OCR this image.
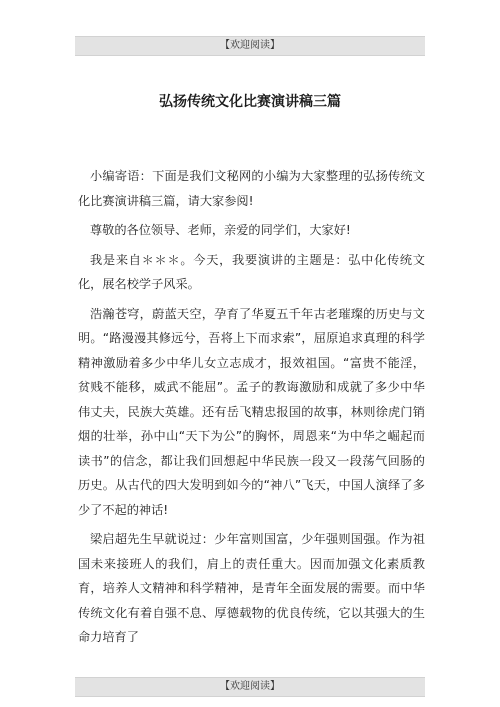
【欢迎阅读】
弘扬传统文化比赛演讲稿三篇

小编寄语：下面是我们文秘网的小编为大家整理的弘扬传统文化比赛演讲稿三篇，请大家参阅!

尊敬的各位领导、老师，亲爱的同学们，大家好!

我是来自＊＊＊。今天，我要演讲的主题是：弘中化传统文化，展名校学子风采。

浩瀚苍穹，蔚蓝天空，孕育了华夏五千年古老璀璨的历史与文明。“路漫漫其修远兮，吾将上下而求索”，屈原追求真理的科学精神激励着多少中华儿女立志成才，报效祖国。“富贵不能淫，贫贱不能移，威武不能屈”。孟子的教诲激励和成就了多少中华伟丈夫，民族大英雄。还有岳飞精忠报国的故事，林则徐虎门销烟的壮举，孙中山“天下为公”的胸怀，周恩来“为中华之崛起而读书”的信念，都让我们回想起中华民族一段又一段荡气回肠的历史。从古代的四大发明到如今的“神八”飞天，中国人演绎了多少了不起的神话!

梁启超先生早就说过：少年富则国富，少年强则国强。作为祖国未来接班人的我们，肩上的责任重大。因而加强文化素质教育，培养人文精神和科学精神，是青年全面发展的需要。而中华传统文化有着自强不息、厚德载物的优良传统，它以其强大的生命力培育了

【欢迎阅读】
